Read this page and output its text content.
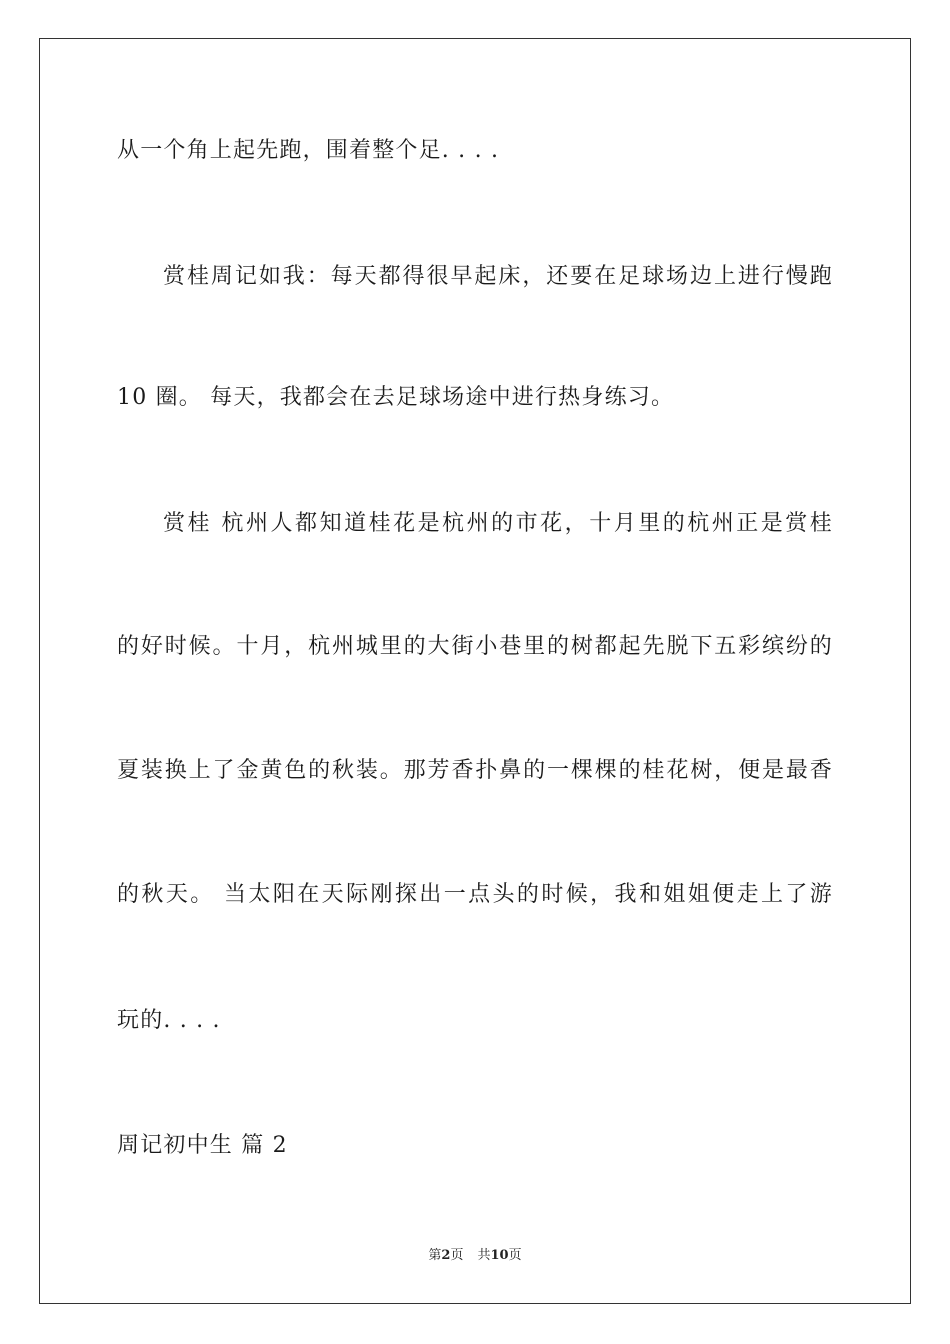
从一个角上起先跑，围着整个足. . . .
赏桂周记如我：每天都得很早起床，还要在足球场边上进行慢跑
10 圈。 每天，我都会在去足球场途中进行热身练习。
赏桂 杭州人都知道桂花是杭州的市花，十月里的杭州正是赏桂
的好时候。十月，杭州城里的大街小巷里的树都起先脱下五彩缤纷的
夏装换上了金黄色的秋装。那芳香扑鼻的一棵棵的桂花树，便是最香
的秋天。 当太阳在天际刚探出一点头的时候，我和姐姐便走上了游
玩的. . . .
周记初中生 篇 2
第2页 共10页
